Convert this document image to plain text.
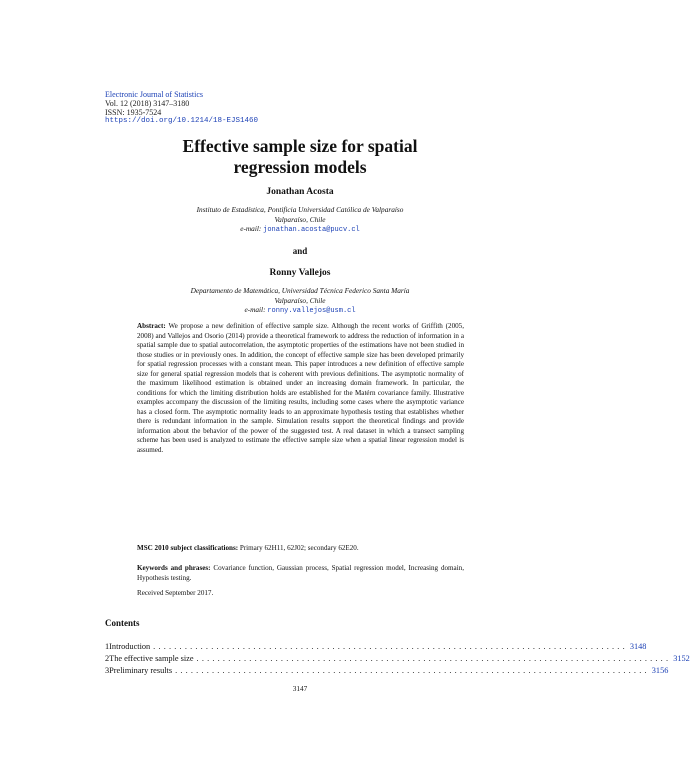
Electronic Journal of Statistics
Vol. 12 (2018) 3147–3180
ISSN: 1935-7524
https://doi.org/10.1214/18-EJS1460
Effective sample size for spatial
regression models
Jonathan Acosta
Instituto de Estadística, Pontificia Universidad Católica de Valparaíso
Valparaíso, Chile
e-mail: jonathan.acosta@pucv.cl
and
Ronny Vallejos
Departamento de Matemática, Universidad Técnica Federico Santa María
Valparaíso, Chile
e-mail: ronny.vallejos@usm.cl
Abstract: We propose a new definition of effective sample size. Although the recent works of Griffith (2005, 2008) and Vallejos and Osorio (2014) provide a theoretical framework to address the reduction of information in a spatial sample due to spatial autocorrelation, the asymptotic properties of the estimations have not been studied in those studies or in previously ones. In addition, the concept of effective sample size has been developed primarily for spatial regression processes with a constant mean. This paper introduces a new definition of effective sample size for general spatial regression models that is coherent with previous definitions. The asymptotic normality of the maximum likelihood estimation is obtained under an increasing domain framework. In particular, the conditions for which the limiting distribution holds are established for the Matérn covariance family. Illustrative examples accompany the discussion of the limiting results, including some cases where the asymptotic variance has a closed form. The asymptotic normality leads to an approximate hypothesis testing that establishes whether there is redundant information in the sample. Simulation results support the theoretical findings and provide information about the behavior of the power of the suggested test. A real dataset in which a transect sampling scheme has been used is analyzed to estimate the effective sample size when a spatial linear regression model is assumed.
MSC 2010 subject classifications: Primary 62H11, 62J02; secondary 62E20.
Keywords and phrases: Covariance function, Gaussian process, Spatial regression model, Increasing domain, Hypothesis testing.
Received September 2017.
Contents
1 Introduction .......................................................................................... 3148
2 The effective sample size .......................................................................................... 3152
3 Preliminary results .......................................................................................... 3156
3147
